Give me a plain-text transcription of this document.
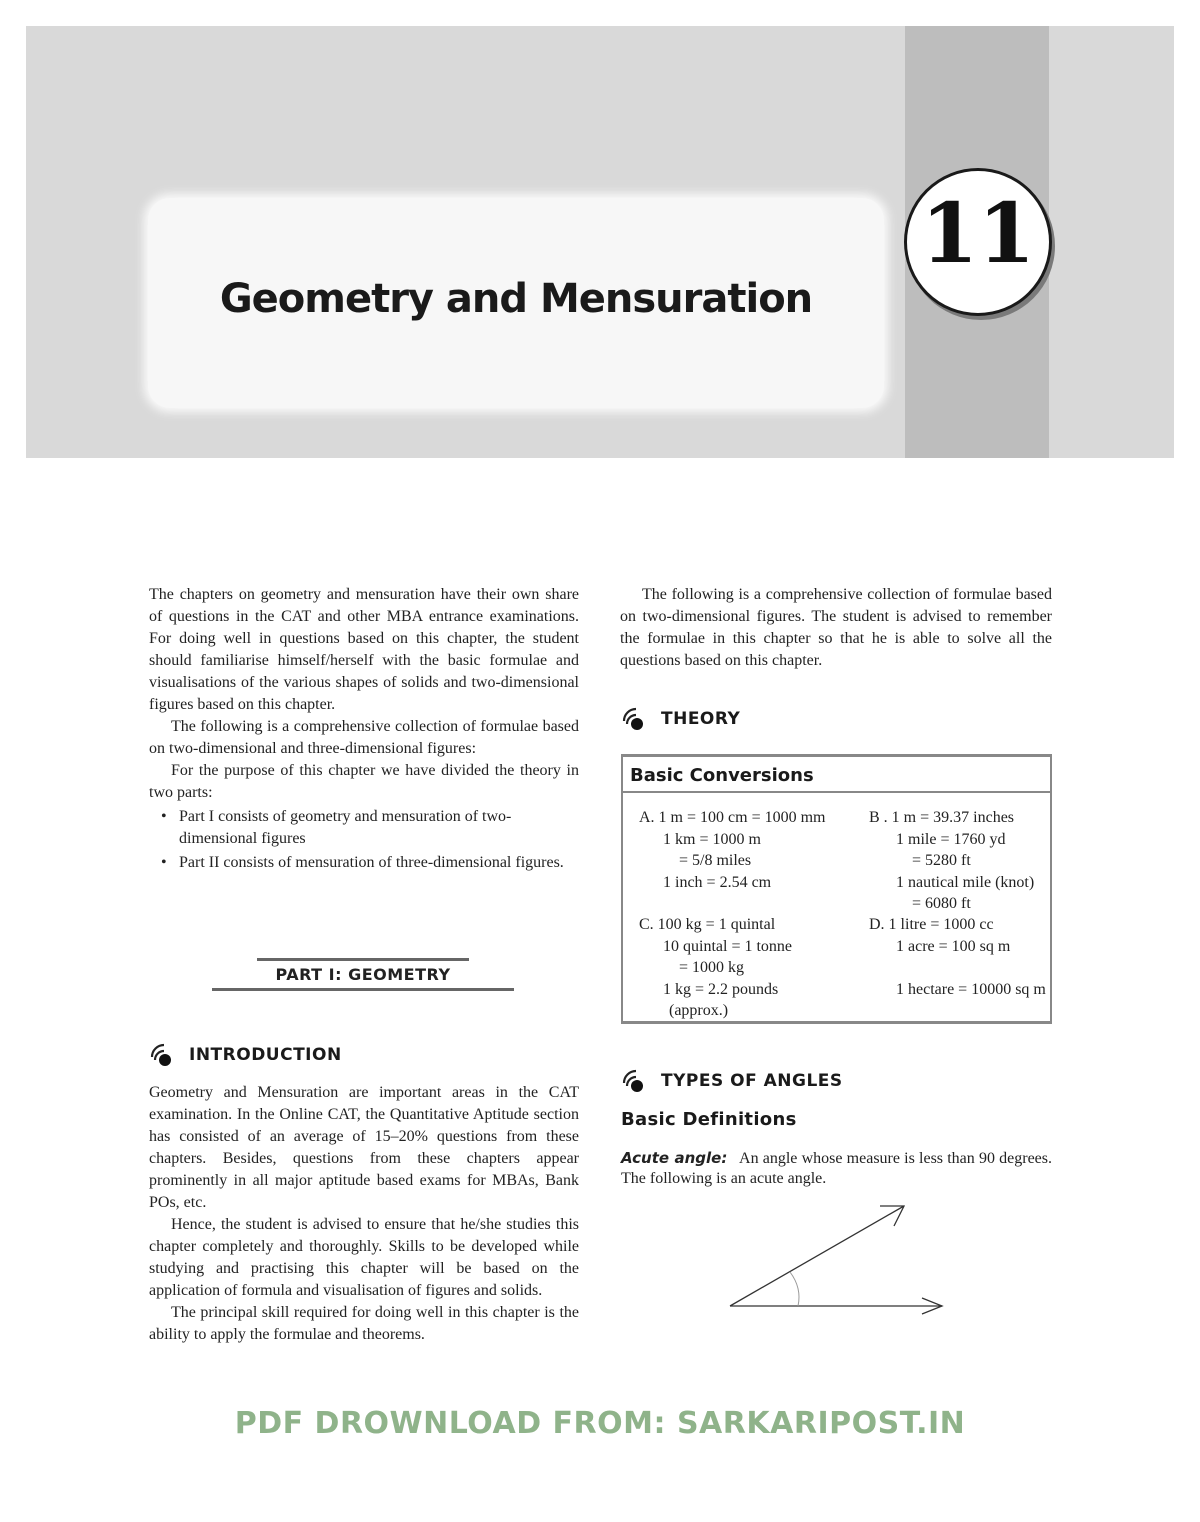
Geometry and Mensuration
11

The chapters on geometry and mensuration have their own share of questions in the CAT and other MBA entrance examinations. For doing well in questions based on this chapter, the student should familiarise himself/herself with the basic formulae and visualisations of the various shapes of solids and two-dimensional figures based on this chapter.

The following is a comprehensive collection of formulae based on two-dimensional and three-dimensional figures:

For the purpose of this chapter we have divided the theory in two parts:

• Part I consists of geometry and mensuration of two-dimensional figures
• Part II consists of mensuration of three-dimensional figures.
PART I: GEOMETRY
INTRODUCTION

Geometry and Mensuration are important areas in the CAT examination. In the Online CAT, the Quantitative Aptitude section has consisted of an average of 15–20% questions from these chapters. Besides, questions from these chapters appear prominently in all major aptitude based exams for MBAs, Bank POs, etc.

Hence, the student is advised to ensure that he/she studies this chapter completely and thoroughly. Skills to be developed while studying and practising this chapter will be based on the application of formula and visualisation of figures and solids.

The principal skill required for doing well in this chapter is the ability to apply the formulae and theorems.

The following is a comprehensive collection of formulae based on two-dimensional figures. The student is advised to remember the formulae in this chapter so that he is able to solve all the questions based on this chapter.

THEORY
Basic Conversions
A. 1 m = 100 cm = 1000 mm
1 km = 1000 m
= 5/8 miles
1 inch = 2.54 cm
B . 1 m = 39.37 inches
1 mile = 1760 yd
= 5280 ft
1 nautical mile (knot)
= 6080 ft
C. 100 kg = 1 quintal
10 quintal = 1 tonne
= 1000 kg
1 kg = 2.2 pounds
(approx.)
D. 1 litre = 1000 cc
1 acre = 100 sq m
1 hectare = 10000 sq m
TYPES OF ANGLES
Basic Definitions
Acute angle: An angle whose measure is less than 90 degrees. The following is an acute angle.
PDF DROWNLOAD FROM: SARKARIPOST.IN
